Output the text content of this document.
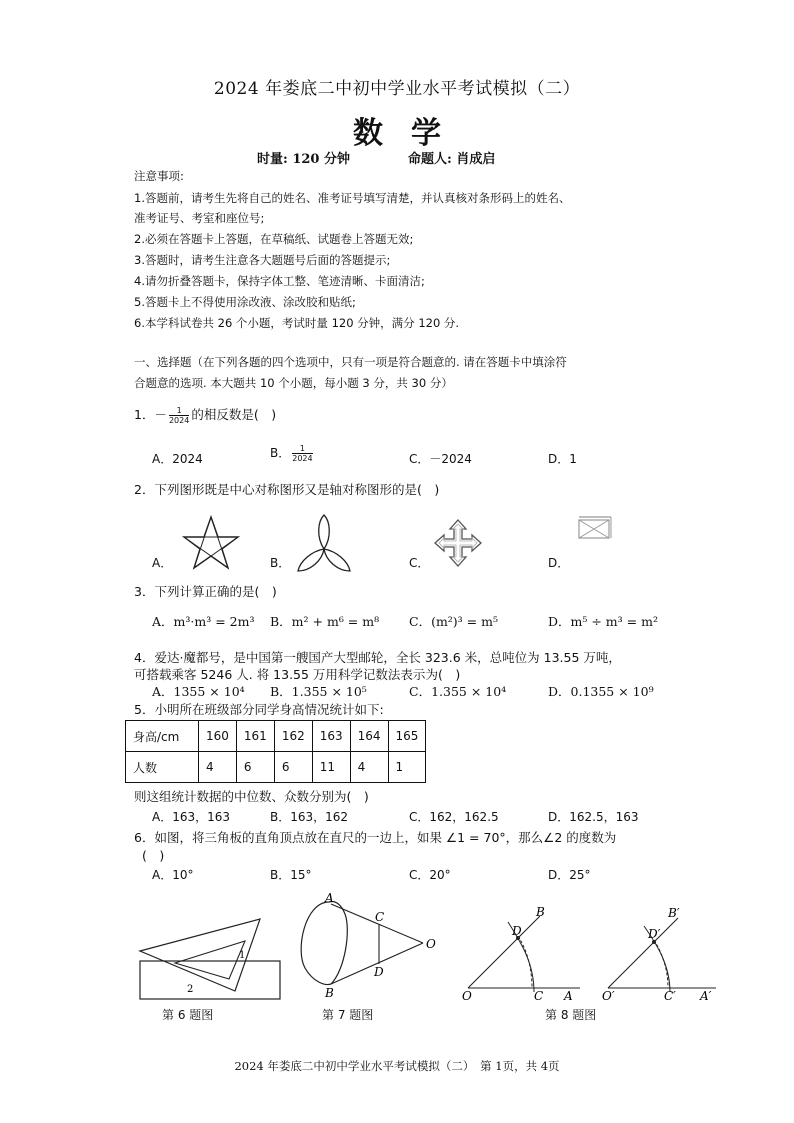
2024 年娄底二中初中学业水平考试模拟（二）
数学
时量: 120 分钟	命题人: 肖成启
注意事项:
1.答题前，请考生先将自己的姓名、准考证号填写清楚，并认真核对条形码上的姓名、
准考证号、考室和座位号;
2.必须在答题卡上答题，在草稿纸、试题卷上答题无效;
3.答题时，请考生注意各大题题号后面的答题提示;
4.请勿折叠答题卡，保持字体工整、笔迹清晰、卡面清洁;
5.答题卡上不得使用涂改液、涂改胶和贴纸;
6.本学科试卷共 26 个小题，考试时量 120 分钟，满分 120 分.
一、选择题（在下列各题的四个选项中，只有一项是符合题意的. 请在答题卡中填涂符
合题意的选项. 本大题共 10 个小题，每小题 3 分，共 30 分）
1．－ $\frac{1}{2024}$ 的相反数是(　)
A．2024	B． $\frac{1}{2024}$	C．－2024	D．1
2．下列图形既是中心对称图形又是轴对称图形的是(　)
A．	B．	C．	D．
3．下列计算正确的是(　)
A．m³·m³ = 2m³ B．m² + m⁶ = m⁸ C．(m²)³ = m⁵	D．m⁵ ÷ m³ = m²
4．爱达·魔都号，是中国第一艘国产大型邮轮，全长 323.6 米，总吨位为 13.55 万吨，
可搭载乘客 5246 人. 将 13.55 万用科学记数法表示为(　)
A．1355 × 10⁴ B．1.355 × 10⁵	C．1.355 × 10⁴	D．0.1355 × 10⁹
5．小明所在班级部分同学身高情况统计如下:
身高/cm	160	161	162	163	164	165
人数	4	6	6	11	4	1
则这组统计数据的中位数、众数分别为(　)
A．163，163	B．163，162	C．162，162.5	D．162.5，163
6．如图，将三角板的直角顶点放在直尺的一边上，如果 ∠1 = 70°，那么∠2 的度数为
(　)
A．10°	B．15°	C．20°	D．25°
1
2
第 6 题图
A
B
C
D
O
第 7 题图
B
D
O	C A
B′
D′
O′	C′ A′
第 8 题图
2024 年娄底二中初中学业水平考试模拟（二）　第 1页，共 4页
